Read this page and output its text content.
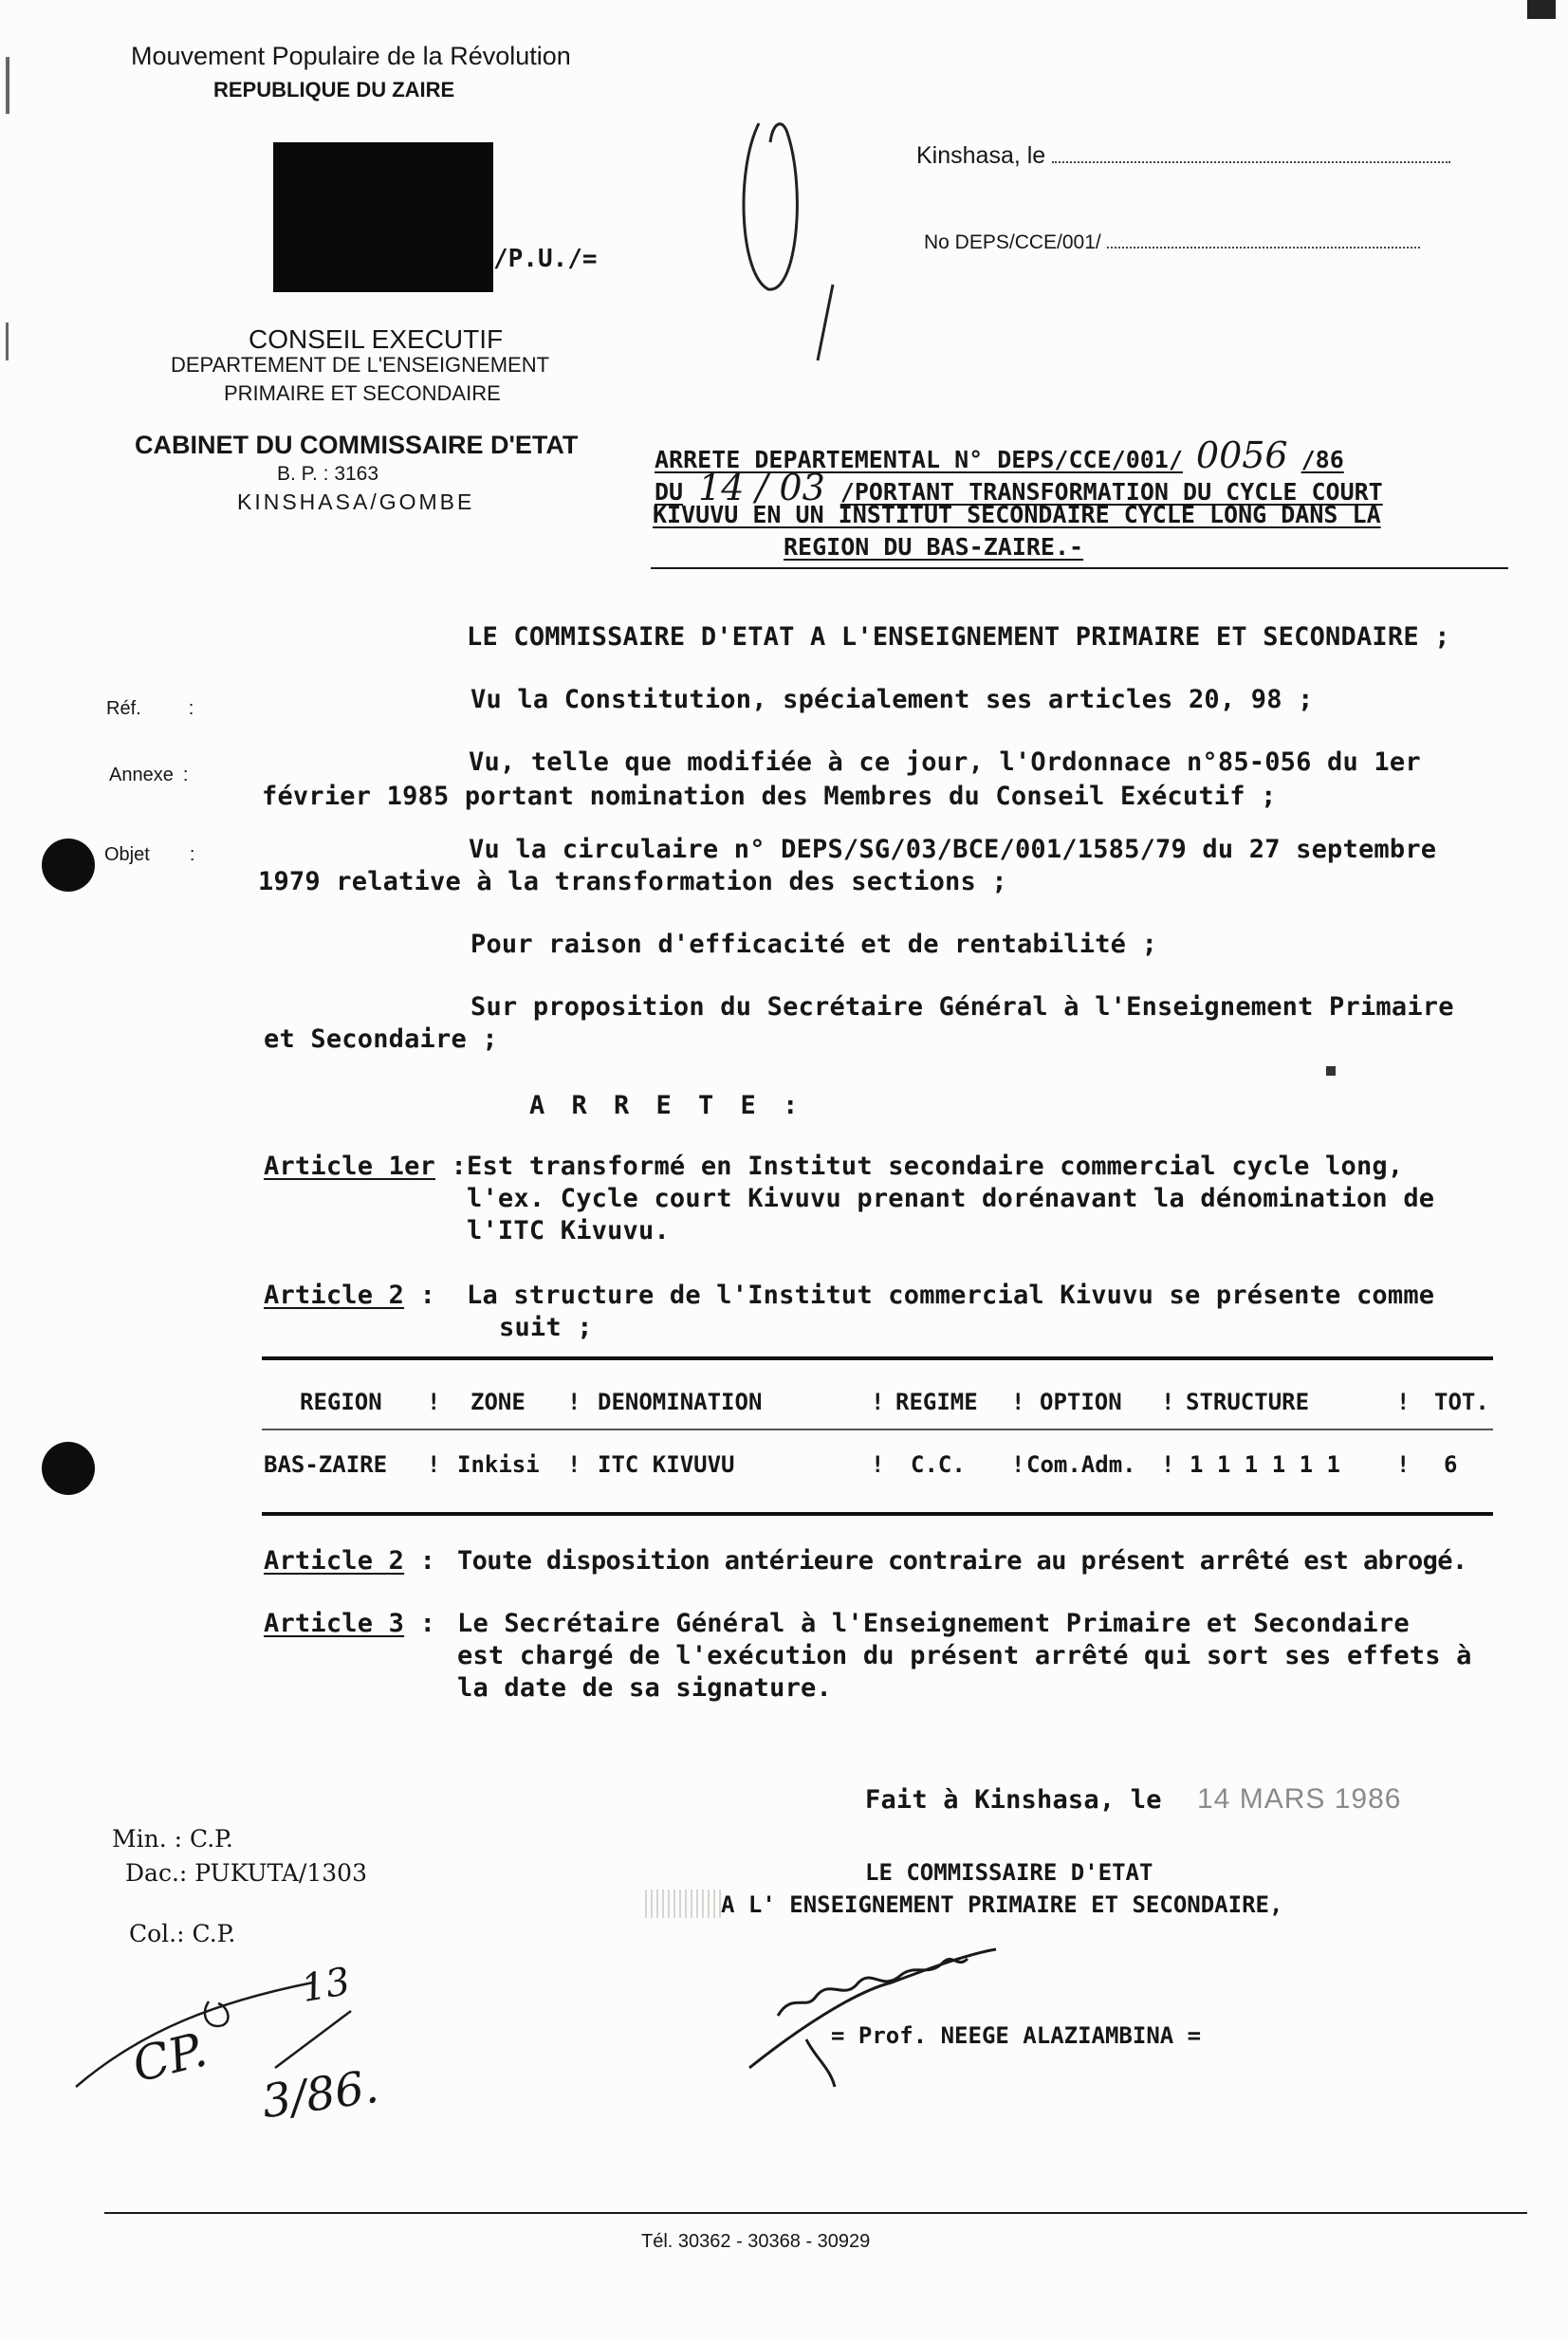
Mouvement Populaire de la Révolution
REPUBLIQUE DU ZAIRE
/P.U./=
CONSEIL EXECUTIF
DEPARTEMENT DE L'ENSEIGNEMENT
PRIMAIRE ET SECONDAIRE
CABINET DU COMMISSAIRE D'ETAT
B. P. : 3163
KINSHASA/GOMBE
Kinshasa, le
No DEPS/CCE/001/
ARRETE DEPARTEMENTAL N° DEPS/CCE/001/ 0056 /86
DU 14 / 03 /PORTANT TRANSFORMATION DU CYCLE COURT
KIVUVU EN UN INSTITUT SECONDAIRE CYCLE LONG DANS LA
REGION DU BAS-ZAIRE.-
Réf.	:
Annexe :
Objet :
LE COMMISSAIRE D'ETAT A L'ENSEIGNEMENT PRIMAIRE ET SECONDAIRE ;
Vu la Constitution, spécialement ses articles 20, 98 ;
Vu, telle que modifiée à ce jour, l'Ordonnace n°85-056 du 1er
février 1985 portant nomination des Membres du Conseil Exécutif ;
Vu la circulaire n° DEPS/SG/03/BCE/001/1585/79 du 27 septembre
1979 relative à la transformation des sections ;
Pour raison d'efficacité et de rentabilité ;
Sur proposition du Secrétaire Général à l'Enseignement Primaire
et Secondaire ;
A R R E T E :
Article 1er : Est transformé en Institut secondaire commercial cycle long,
l'ex. Cycle court Kivuvu prenant dorénavant la dénomination de
l'ITC Kivuvu.
Article 2 : La structure de l'Institut commercial Kivuvu se présente comme
suit ;
REGION ! ZONE ! DENOMINATION	! REGIME ! OPTION ! STRUCTURE	! TOT.
BAS-ZAIRE ! Inkisi ! ITC KIVUVU	! C.C. ! Com.Adm. ! 1 1 1 1 1 1 ! 6
Article 2 : Toute disposition antérieure contraire au présent arrêté est abrogé.
Article 3 : Le Secrétaire Général à l'Enseignement Primaire et Secondaire
est chargé de l'exécution du présent arrêté qui sort ses effets à
la date de sa signature.
Fait à Kinshasa, le 14 MARS 1986
LE COMMISSAIRE D'ETAT
A L' ENSEIGNEMENT PRIMAIRE ET SECONDAIRE,
= Prof. NEEGE ALAZIAMBINA =
Min. : C.P.
Dac.: PUKUTA/1303
Col.: C.P.
13
CP.
3/86.
Tél. 30362 - 30368 - 30929
